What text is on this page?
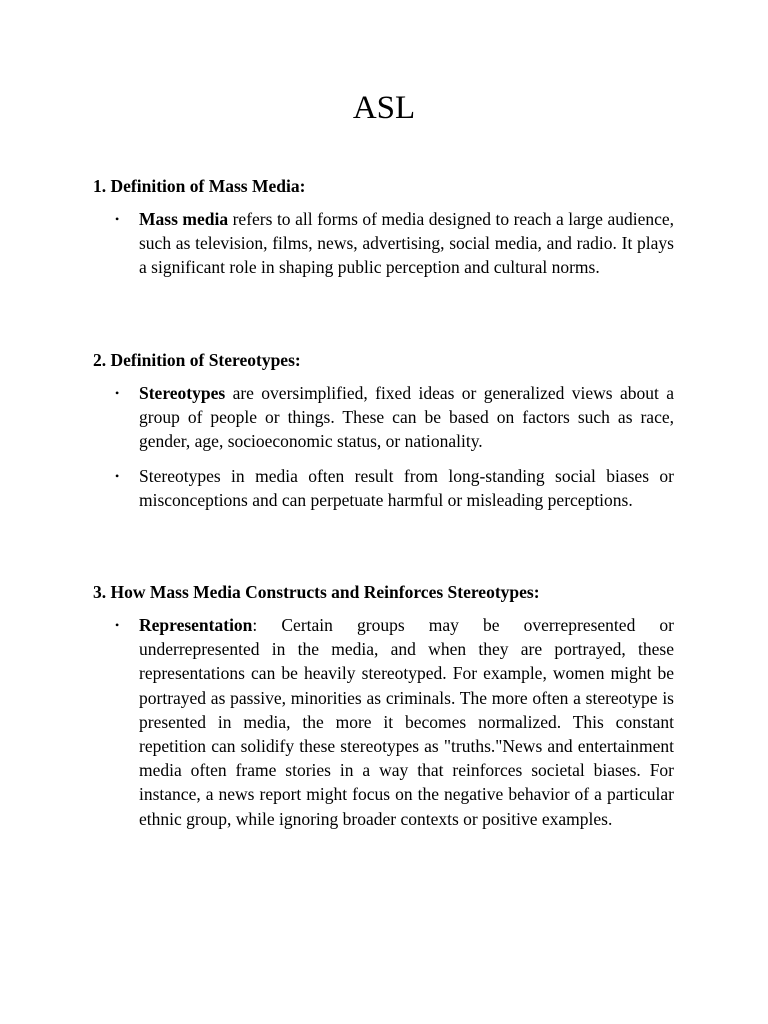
ASL
1. Definition of Mass Media:
• Mass media refers to all forms of media designed to reach a large audience, such as television, films, news, advertising, social media, and radio. It plays a significant role in shaping public perception and cultural norms.
2. Definition of Stereotypes:
• Stereotypes are oversimplified, fixed ideas or generalized views about a group of people or things. These can be based on factors such as race, gender, age, socioeconomic status, or nationality.
• Stereotypes in media often result from long-standing social biases or misconceptions and can perpetuate harmful or misleading perceptions.
3. How Mass Media Constructs and Reinforces Stereotypes:
• Representation: Certain groups may be overrepresented or underrepresented in the media, and when they are portrayed, these representations can be heavily stereotyped. For example, women might be portrayed as passive, minorities as criminals. The more often a stereotype is presented in media, the more it becomes normalized. This constant repetition can solidify these stereotypes as "truths."News and entertainment media often frame stories in a way that reinforces societal biases. For instance, a news report might focus on the negative behavior of a particular ethnic group, while ignoring broader contexts or positive examples.
